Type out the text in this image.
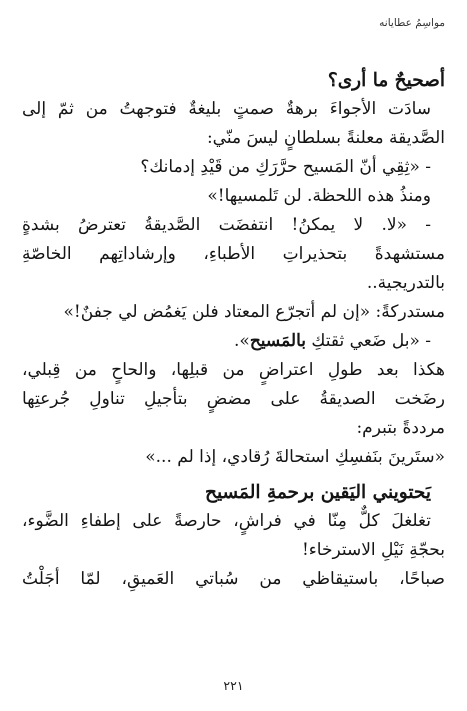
مواسِمُ عطايانه
أصحيحٌ ما أرى؟
سادَت الأجواءَ برهةٌ صمتٍ بليغةٌ فتوجهتُ من ثمّ إلى
الصَّديقة معلنةً بسلطانٍ ليسَ منّي:
- «ثِقِي أنّ المَسيح حرَّرَكِ من قَيْدِ إدمانك؟
ومنذُ هذه اللحظة. لن تَلمسيها!»
- «لا. لا يمكنُ! انتفضَت الصَّديقةُ تعترضُ بشدةٍ
مستشهدةً بتحذيراتِ الأطباءِ، وإرشاداتِهم الخاصّةِ
بالتدريجية..
مستدركةً: «إن لم أتجرّع المعتاد فلن يَغمُض لي جفنٌ!»
- «بل ضَعي ثقتكِ بالمَسيح».
هكذا بعد طولِ اعتراضٍ من قبلِها، والحاحٍ من قِبلي،
رضَخت الصديقةُ على مضضٍ بتأجيلِ تناولِ جُرعتِها
مرددةً بتبرم:
«ستَرينَ بنَفسِكِ استحالةَ رُقادي، إذا لم ...»
يَحتويني اليَقين برحمةِ المَسيح
تغلغلَ كلٌّ مِنّا في فراشٍ، حارصةً على إطفاءِ الضَّوء،
بحجّةِ نَيْلِ الاسترخاء!
صباحًا، باستيقاظي من سُباتي العَميقِ، لمّا أجَلْتُ
٢٢١
